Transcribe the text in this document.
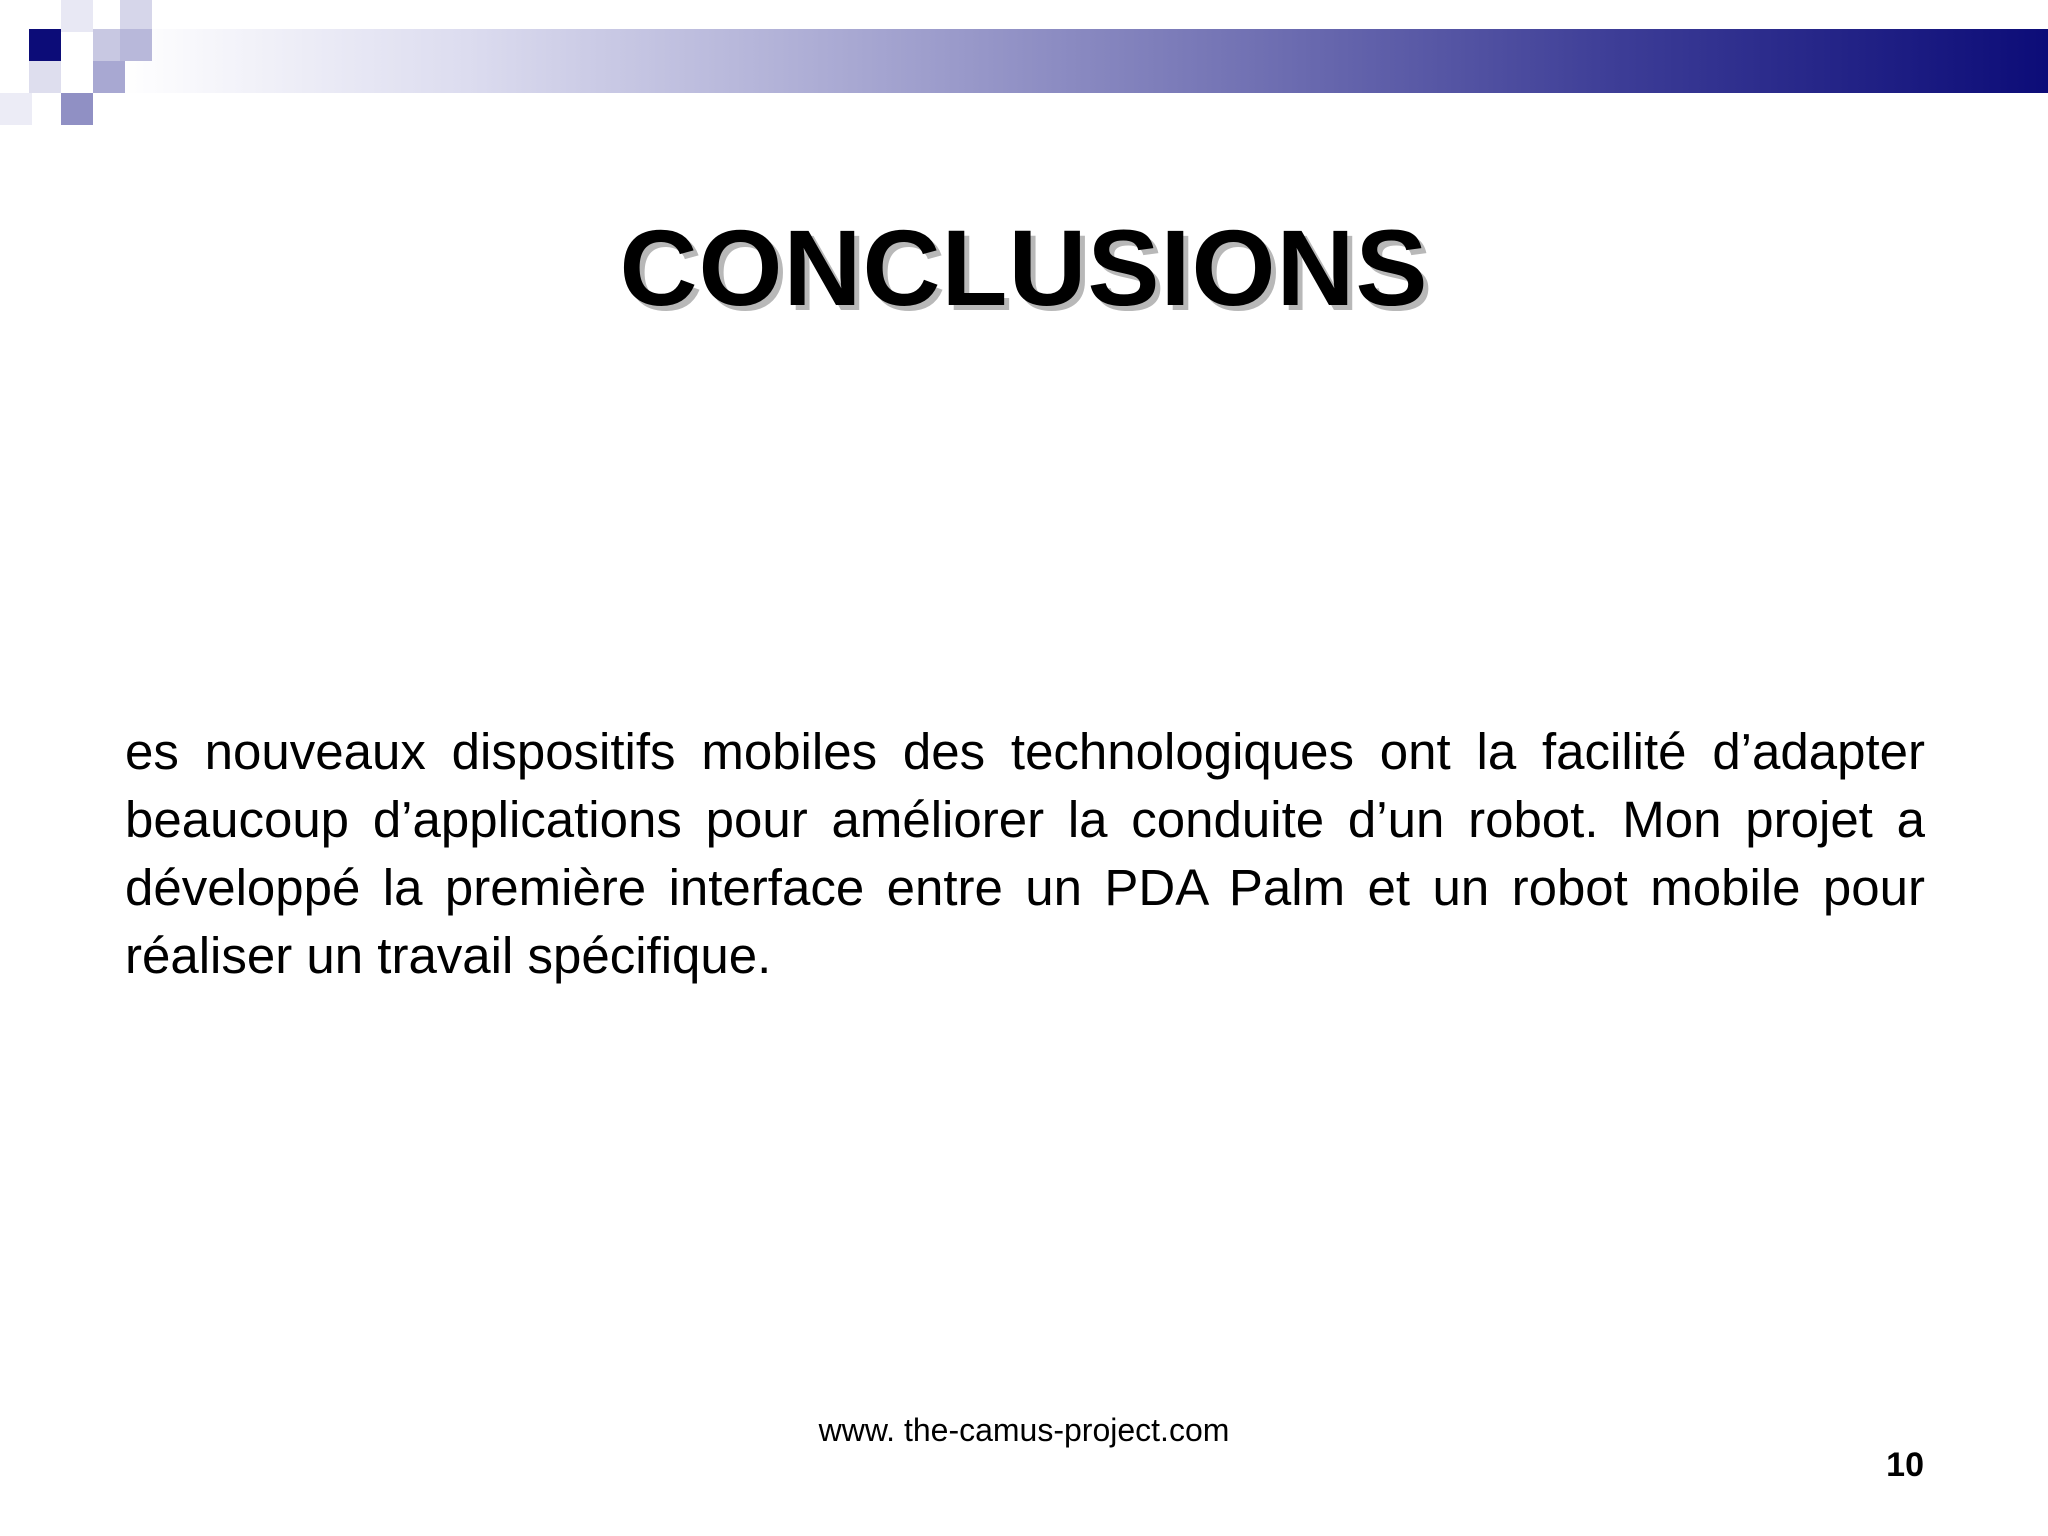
CONCLUSIONS

es nouveaux dispositifs mobiles des technologiques ont la facilité d’adapter beaucoup d’applications pour améliorer la conduite d’un robot. Mon projet a développé la première interface entre un PDA Palm et un robot mobile pour réaliser un travail spécifique.

www. the-camus-project.com
10
